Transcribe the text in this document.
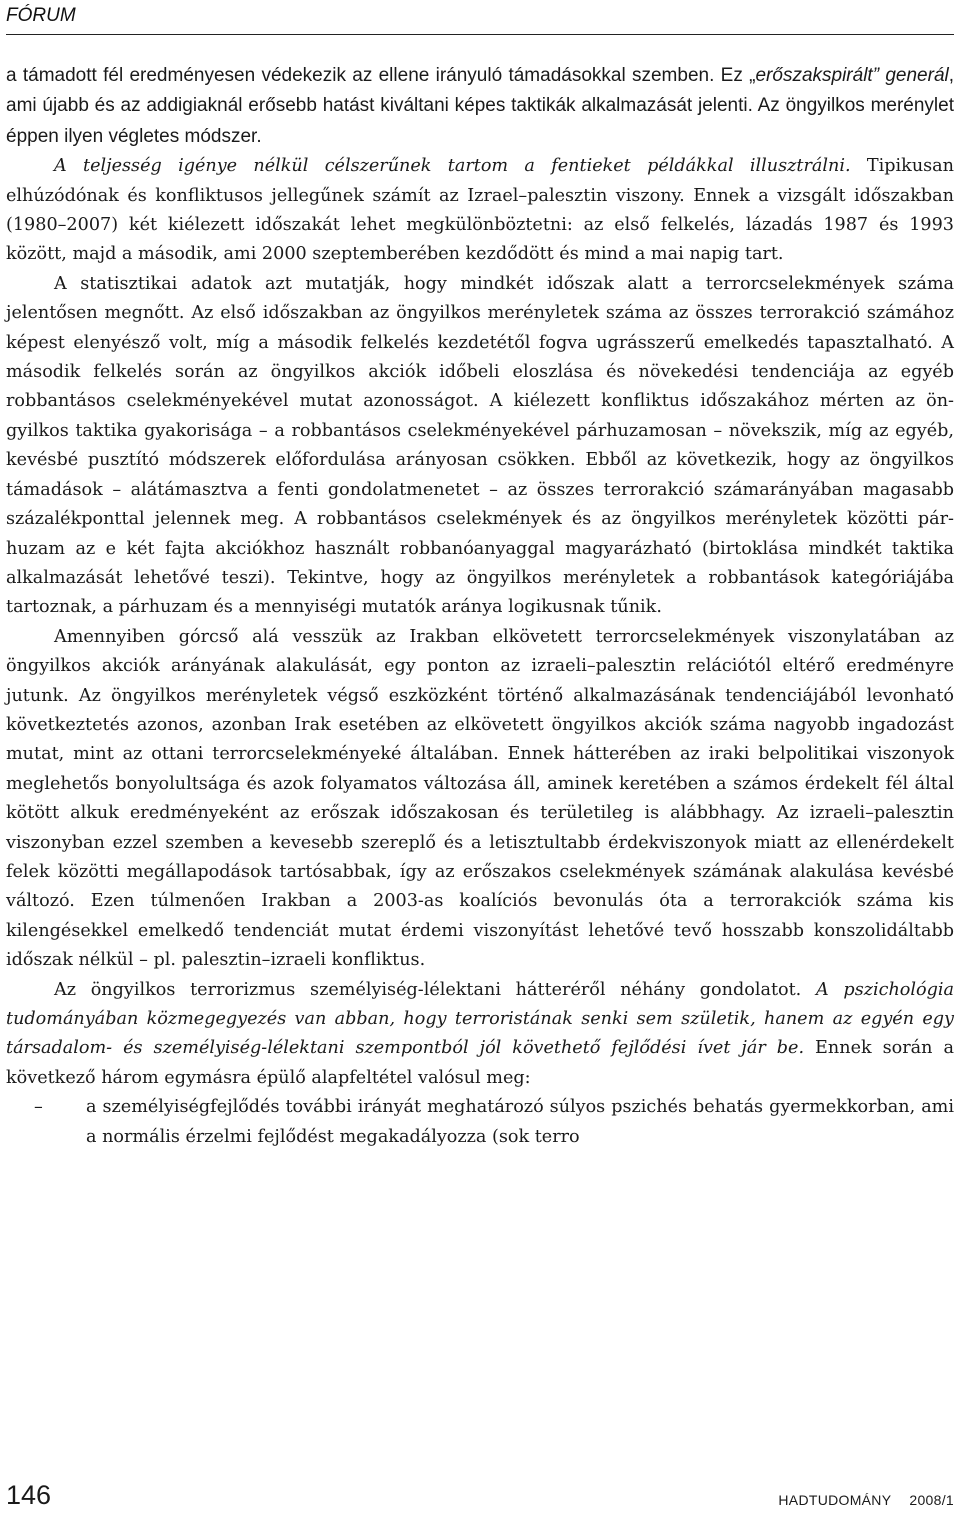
FÓRUM

a támadott fél eredményesen védekezik az ellene irányuló támadásokkal szemben. Ez „erőszakspirált” generál, ami újabb és az addigiaknál erősebb hatást kiváltani képes taktikák alkalmazását jelenti. Az öngyilkos merénylet éppen ilyen végletes módszer.
A teljesség igénye nélkül célszerűnek tartom a fentieket példákkal illusztrálni. Tipikusan elhúzódónak és konfliktusos jellegűnek számít az Izrael–palesztin viszony. Ennek a vizsgált időszakban (1980–2007) két kiélezett időszakát lehet megkülönböztetni: az első felkelés, lázadás 1987 és 1993 között, majd a második, ami 2000 szeptemberében kezdődött és mind a mai napig tart.

A statisztikai adatok azt mutatják, hogy mindkét időszak alatt a terrorcselekmények száma jelentősen megnőtt. Az első időszakban az öngyilkos merényletek száma az összes terrorakció számához képest elenyésző volt, míg a második felkelés kezdetétől fogva ugrásszerű emelkedés tapasztalható. A második felkelés során az öngyilkos akciók időbeli eloszlása és növekedési tendenciája az egyéb robbantásos cselekményekével mutat azonosságot. A kiélezett konfliktus időszakához mérten az öngyilkos taktika gyakorisága – a robbantásos cselekményekével párhuzamosan – növekszik, míg az egyéb, kevésbé pusztító módszerek előfordulása arányosan csökken. Ebből az következik, hogy az öngyilkos támadások – alátámasztva a fenti gondolatmenetet – az összes terrorakció számarányában magasabb százalékponttal jelennek meg. A robbantásos cselekmények és az öngyilkos merényletek közötti párhuzam az e két fajta akciókhoz használt robbanóanyaggal magyarázható (birtoklása mindkét taktika alkalmazását lehetővé teszi). Tekintve, hogy az öngyilkos merényletek a robbantások kategóriájába tartoznak, a párhuzam és a mennyiségi mutatók aránya logikusnak tűnik.

Amennyiben górcső alá vesszük az Irakban elkövetett terrorcselekmények viszonylatában az öngyilkos akciók arányának alakulását, egy ponton az izraeli–palesztin relációtól eltérő eredményre jutunk. Az öngyilkos merényletek végső eszközként történő alkalmazásának tendenciájából levonható következtetés azonos, azonban Irak esetében az elkövetett öngyilkos akciók száma nagyobb ingadozást mutat, mint az ottani terrorcselekményeké általában. Ennek hátterében az iraki belpolitikai viszonyok meglehetős bonyolultsága és azok folyamatos változása áll, aminek keretében a számos érdekelt fél által kötött alkuk eredményeként az erőszak időszakosan és területileg is alábbhagy. Az izraeli–palesztin viszonyban ezzel szemben a kevesebb szereplő és a letisztultabb érdekviszonyok miatt az ellenérdekelt felek közötti megállapodások tartósabbak, így az erőszakos cselekmények számának alakulása kevésbé változó. Ezen túlmenően Irakban a 2003-as koalíciós bevonulás óta a terrorakciók száma kis kilengésekkel emelkedő tendenciát mutat érdemi viszonyítást lehetővé tevő hosszabb konszolidáltabb időszak nélkül – pl. palesztin–izraeli konfliktus.

Az öngyilkos terrorizmus személyiség-lélektani hátteréről néhány gondolatot. A pszichológia tudományában közmegegyezés van abban, hogy terroristának senki sem születik, hanem az egyén egy társadalom- és személyiség-lélektani szempontból jól követhető fejlődési ívet jár be. Ennek során a következő három egymásra épülő alapfeltétel valósul meg:

–	a személyiségfejlődés további irányát meghatározó súlyos pszichés behatás gyermekkorban, ami a normális érzelmi fejlődést megakadályozza (sok terro
146	HADTUDOMÁNY 2008/1
